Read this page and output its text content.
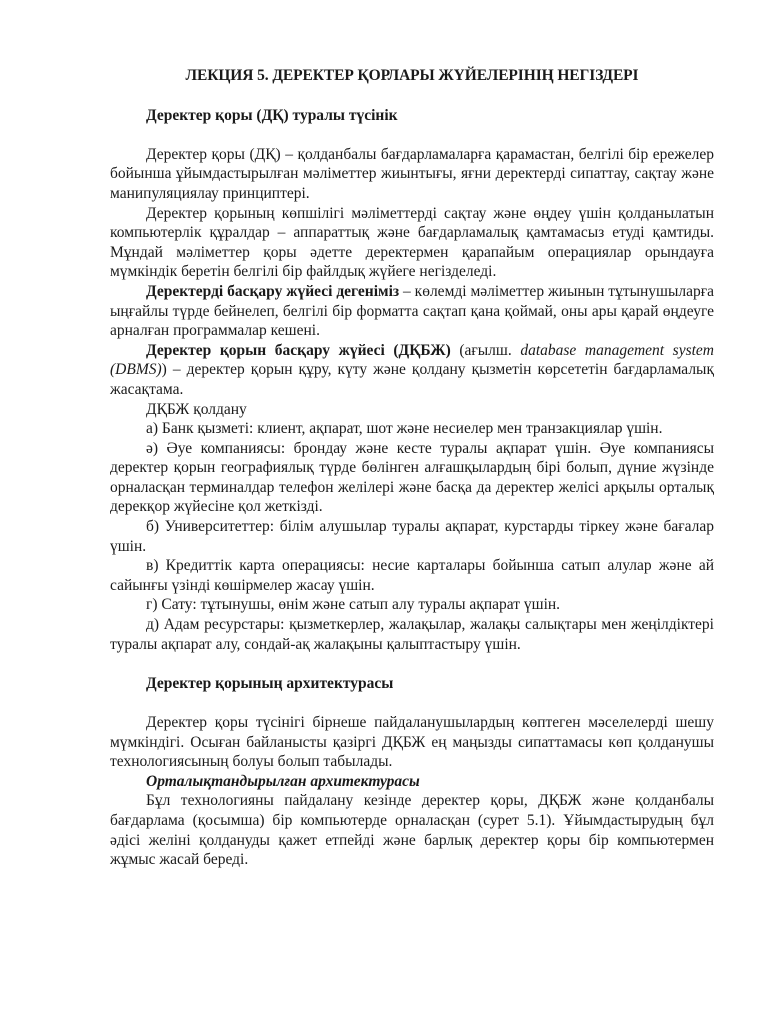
ЛЕКЦИЯ 5. ДЕРЕКТЕР ҚОРЛАРЫ ЖҮЙЕЛЕРІНІҢ НЕГІЗДЕРІ
Деректер қоры (ДҚ) туралы түсінік
Деректер қоры (ДҚ) – қолданбалы бағдарламаларға қарамастан, белгілі бір ережелер бойынша ұйымдастырылған мәліметтер жиынтығы, яғни деректерді сипаттау, сақтау және манипуляциялау принциптері.
Деректер қорының көпшілігі мәліметтерді сақтау және өңдеу үшін қолданылатын компьютерлік құралдар – аппараттық және бағдарламалық қамтамасыз етуді қамтиды. Мұндай мәліметтер қоры әдетте деректермен қарапайым операциялар орындауға мүмкіндік беретін белгілі бір файлдық жүйеге негізделеді.
Деректерді басқару жүйесі дегеніміз – көлемді мәліметтер жиынын тұтынушыларға ыңғайлы түрде бейнелеп, белгілі бір форматта сақтап қана қоймай, оны ары қарай өңдеуге арналған программалар кешені.
Деректер қорын басқару жүйесі (ДҚБЖ) (ағылш. database management system (DBMS)) – деректер қорын құру, күту және қолдану қызметін көрсететін бағдарламалық жасақтама.
ДҚБЖ қолдану
а) Банк қызметі: клиент, ақпарат, шот және несиелер мен транзакциялар үшін.
ә) Әуе компаниясы: брондау және кесте туралы ақпарат үшін. Әуе компаниясы деректер қорын географиялық түрде бөлінген алғашқылардың бірі болып, дүние жүзінде орналасқан терминалдар телефон желілері және басқа да деректер желісі арқылы орталық дерекқор жүйесіне қол жеткізді.
б) Университеттер: білім алушылар туралы ақпарат, курстарды тіркеу және бағалар үшін.
в) Кредиттік карта операциясы: несие карталары бойынша сатып алулар және ай сайынғы үзінді көшірмелер жасау үшін.
г) Сату: тұтынушы, өнім және сатып алу туралы ақпарат үшін.
д) Адам ресурстары: қызметкерлер, жалақылар, жалақы салықтары мен жеңілдіктері туралы ақпарат алу, сондай-ақ жалақыны қалыптастыру үшін.
Деректер қорының архитектурасы
Деректер қоры түсінігі бірнеше пайдаланушылардың көптеген мәселелерді шешу мүмкіндігі. Осыған байланысты қазіргі ДҚБЖ ең маңызды сипаттамасы көп қолданушы технологиясының болуы болып табылады.
Орталықтандырылған архитектурасы
Бұл технологияны пайдалану кезінде деректер қоры, ДҚБЖ және қолданбалы бағдарлама (қосымша) бір компьютерде орналасқан (сурет 5.1). Ұйымдастырудың бұл әдісі желіні қолдануды қажет етпейді және барлық деректер қоры бір компьютермен жұмыс жасай береді.
